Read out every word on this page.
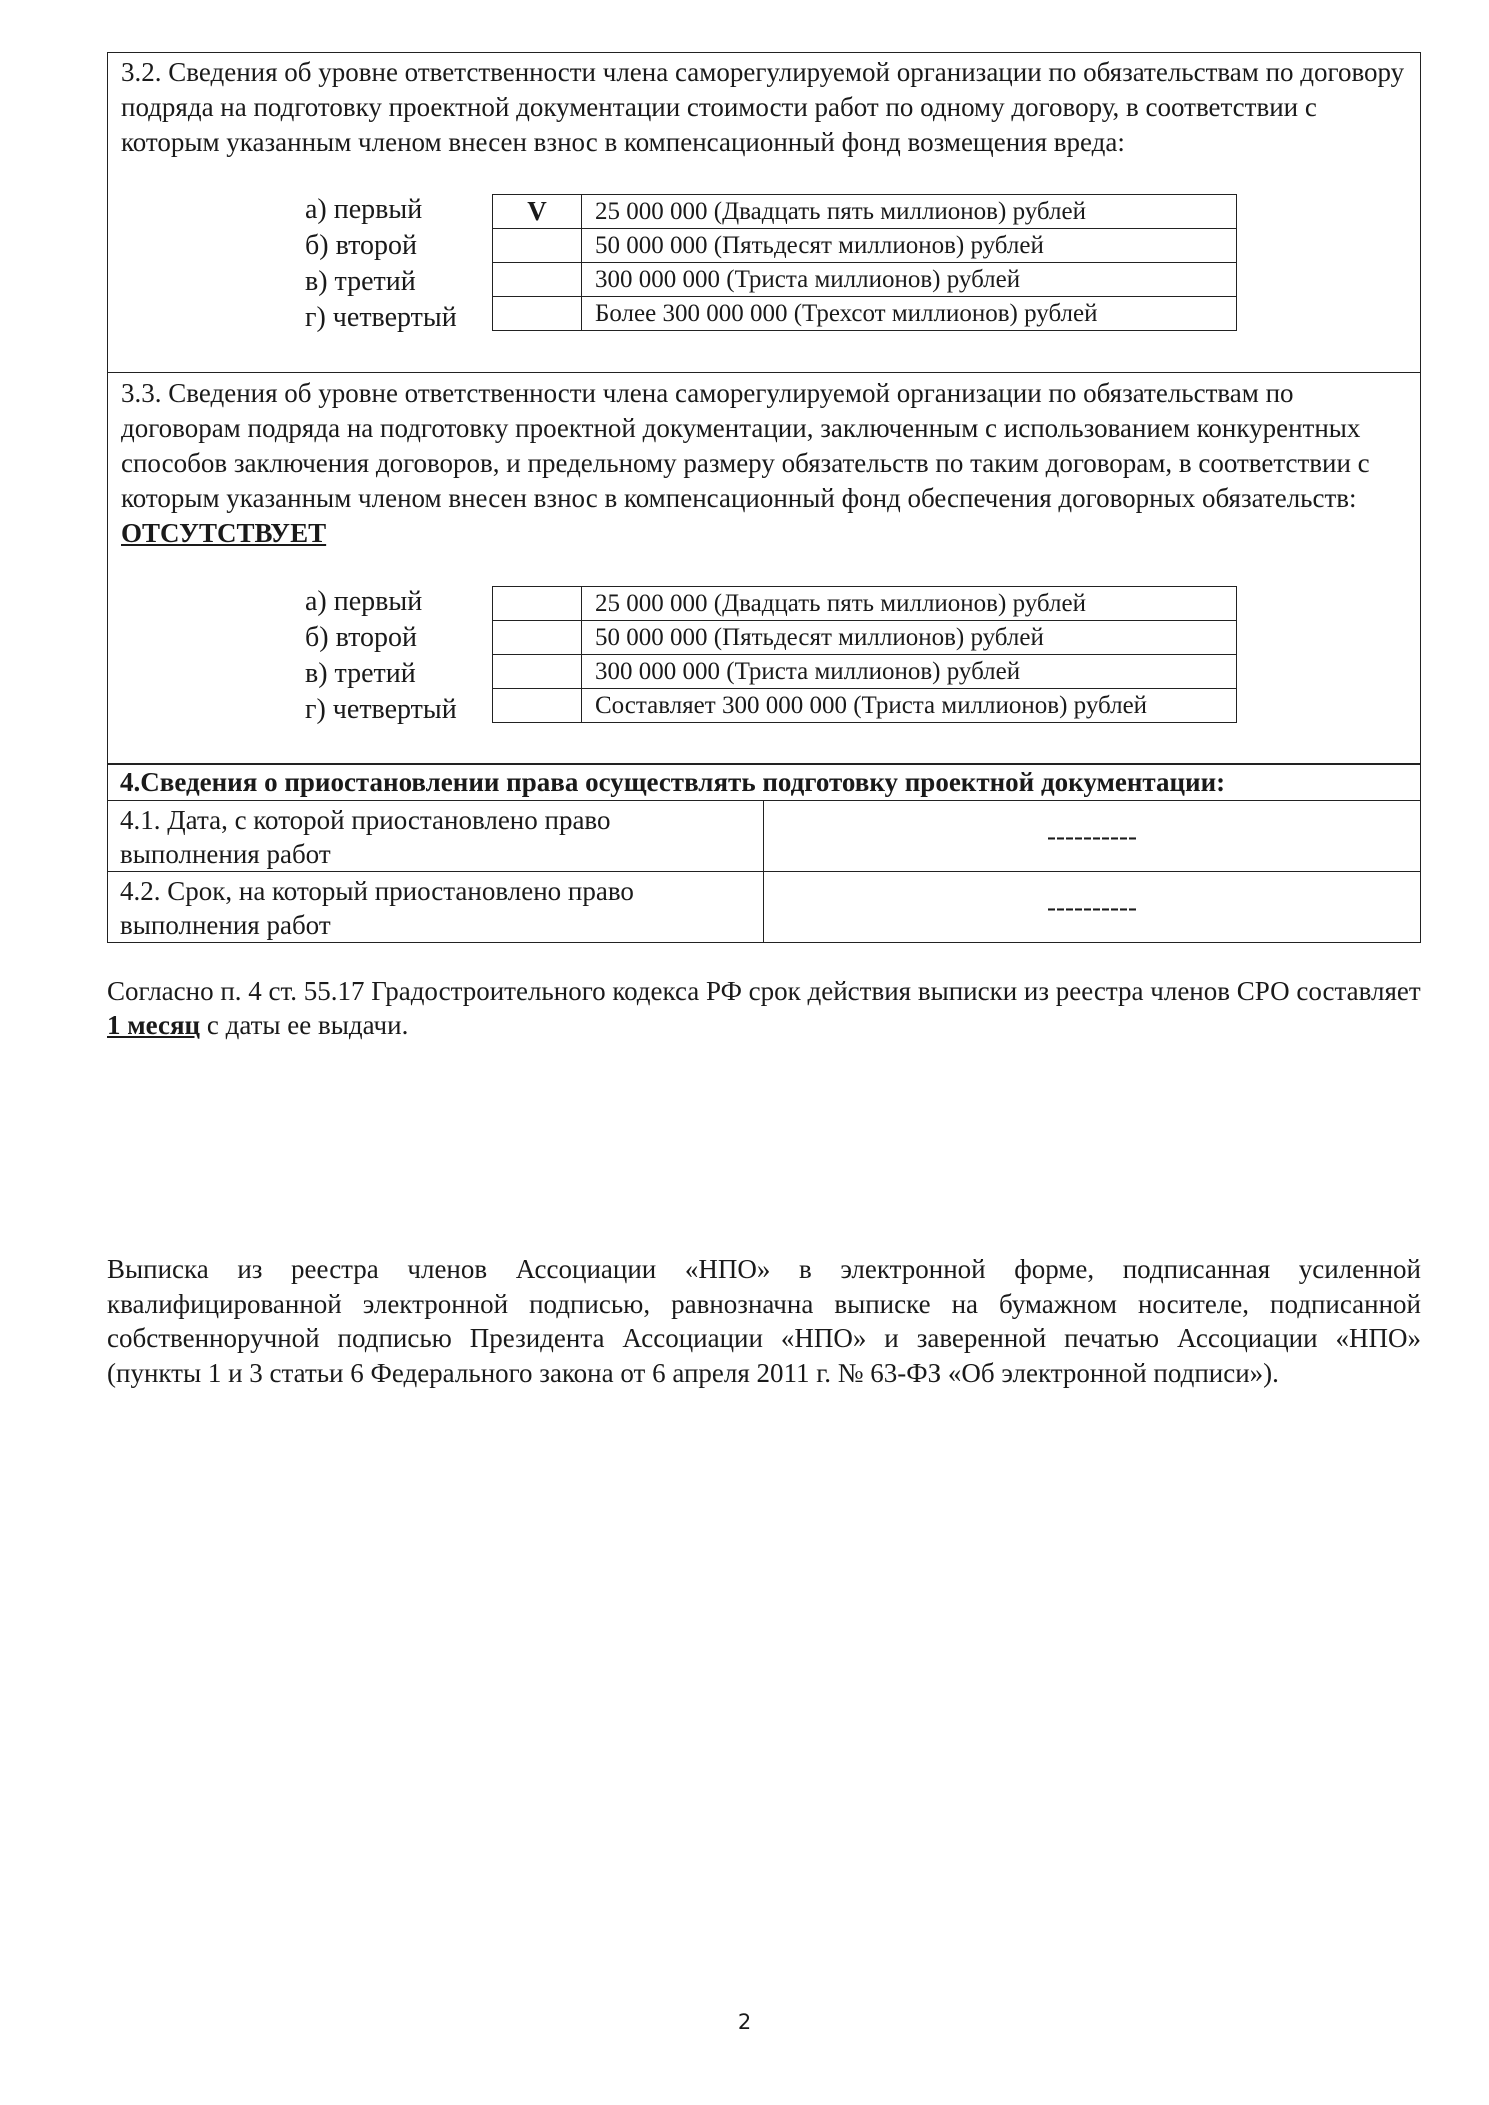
3.2. Сведения об уровне ответственности члена саморегулируемой организации по обязательствам по договору подряда на подготовку проектной документации стоимости работ по одному договору, в соответствии с которым указанным членом внесен взнос в компенсационный фонд возмещения вреда:
а) первый
б) второй
в) третий
г) четвертый
V	25 000 000 (Двадцать пять миллионов) рублей
	50 000 000 (Пятьдесят миллионов) рублей
	300 000 000 (Триста миллионов) рублей
	Более 300 000 000 (Трехсот миллионов) рублей
3.3. Сведения об уровне ответственности члена саморегулируемой организации по обязательствам по договорам подряда на подготовку проектной документации, заключенным с использованием конкурентных способов заключения договоров, и предельному размеру обязательств по таким договорам, в соответствии с которым указанным членом внесен взнос в компенсационный фонд обеспечения договорных обязательств: ОТСУТСТВУЕТ
а) первый
б) второй
в) третий
г) четвертый
	25 000 000 (Двадцать пять миллионов) рублей
	50 000 000 (Пятьдесят миллионов) рублей
	300 000 000 (Триста миллионов) рублей
	Составляет 300 000 000 (Триста миллионов) рублей
4.Сведения о приостановлении права осуществлять подготовку проектной документации:	
4.1. Дата, с которой приостановлено право выполнения работ	----------
4.2. Срок, на который приостановлено право выполнения работ	----------
Согласно п. 4 ст. 55.17 Градостроительного кодекса РФ срок действия выписки из реестра членов СРО составляет 1 месяц с даты ее выдачи.
Выписка из реестра членов Ассоциации «НПО» в электронной форме, подписанная усиленной квалифицированной электронной подписью, равнозначна выписке на бумажном носителе, подписанной собственноручной подписью Президента Ассоциации «НПО» и заверенной печатью Ассоциации «НПО» (пункты 1 и 3 статьи 6 Федерального закона от 6 апреля 2011 г. № 63-ФЗ «Об электронной подписи»).
2
